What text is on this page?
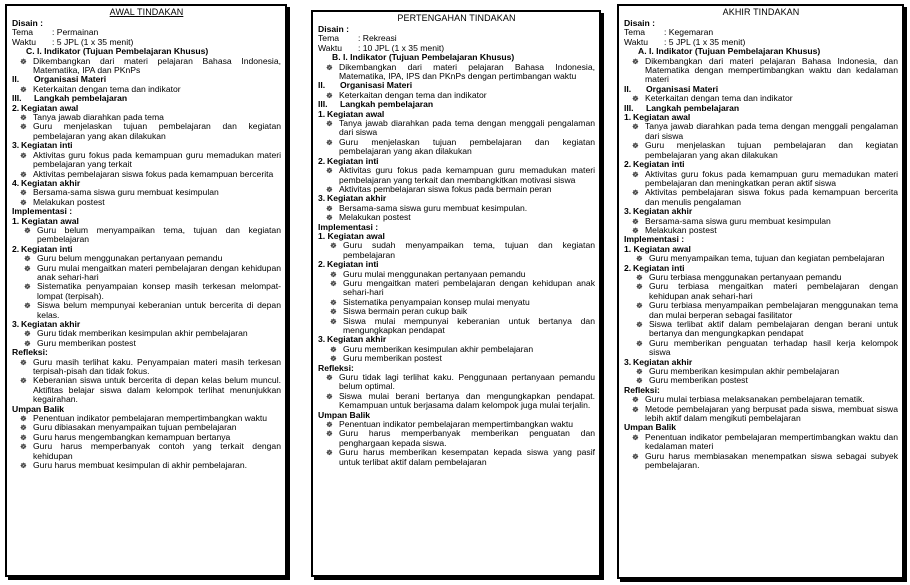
AWAL TINDAKAN
Disain :
Tema	: Permainan
Waktu	: 5 JPL (1 x 35 menit)
C. I. Indikator (Tujuan Pembelajaran Khusus)
☸ Dikembangkan dari materi pelajaran Bahasa Indonesia, Matematika, IPA dan PKnPs
II. Organisasi Materi
☸ Keterkaitan dengan tema dan indikator
III. Langkah pembelajaran
2. Kegiatan awal
☸ Tanya jawab diarahkan pada tema
☸ Guru menjelaskan tujuan pembelajaran dan kegiatan pembelajaran yang akan dilakukan
3. Kegiatan inti
☸ Aktivitas guru fokus pada kemampuan guru memadukan materi pembelajaran yang terkait
☸ Aktivitas pembelajaran siswa fokus pada kemampuan bercerita
4. Kegiatan akhir
☸ Bersama-sama siswa guru membuat kesimpulan
☸ Melakukan postest
Implementasi :
1. Kegiatan awal
☸ Guru belum menyampaikan tema, tujuan dan kegiatan pembelajaran
2. Kegiatan inti
☸ Guru belum menggunakan pertanyaan pemandu
☸ Guru mulai mengaitkan materi pembelajaran dengan kehidupan anak sehari-hari
☸ Sistematika penyampaian konsep masih terkesan melompat-lompat (terpisah).
☸ Siswa belum mempunyai keberanian untuk bercerita di depan kelas.
3. Kegiatan akhir
☸ Guru tidak memberikan kesimpulan akhir pembelajaran
☸ Guru memberikan postest
Refleksi:
☸ Guru masih terlihat kaku. Penyampaian materi masih terkesan terpisah-pisah dan tidak fokus.
☸ Keberanian siswa untuk bercerita di depan kelas belum muncul. Aktifitas belajar siswa dalam kelompok terlihat menunjukkan kegairahan.
Umpan Balik
☸ Penentuan indikator pembelajaran mempertimbangkan waktu
☸ Guru dibiasakan menyampaikan tujuan pembelajaran
☸ Guru harus mengembangkan kemampuan bertanya
☸ Guru harus memperbanyak contoh yang terkait dengan kehidupan
☸ Guru harus membuat kesimpulan di akhir pembelajaran.
PERTENGAHAN TINDAKAN
Disain :
Tema	: Rekreasi
Waktu	: 10 JPL (1 x 35 menit)
B. I. Indikator (Tujuan Pembelajaran Khusus)
☸ Dikembangkan dari materi pelajaran Bahasa Indonesia, Matematika, IPA, IPS dan PKnPs dengan pertimbangan waktu
II. Organisasi Materi
☸ Keterkaitan dengan tema dan indikator
III. Langkah pembelajaran
1. Kegiatan awal
☸ Tanya jawab diarahkan pada tema dengan menggali pengalaman dari siswa
☸ Guru menjelaskan tujuan pembelajaran dan kegiatan pembelajaran yang akan dilakukan
2. Kegiatan inti
☸ Aktivitas guru fokus pada kemampuan guru memadukan materi pembelajaran yang terkait dan membangkitkan motivasi siswa
☸ Aktivitas pembelajaran siswa fokus pada bermain peran
3. Kegiatan akhir
☸ Bersama-sama siswa guru membuat kesimpulan.
☸ Melakukan postest
Implementasi :
1. Kegiatan awal
☸ Guru sudah menyampaikan tema, tujuan dan kegiatan pembelajaran
2. Kegiatan inti
☸ Guru mulai menggunakan pertanyaan pemandu
☸ Guru mengaitkan materi pembelajaran dengan kehidupan anak sehari-hari
☸ Sistematika penyampaian konsep mulai menyatu
☸ Siswa bermain peran cukup baik
☸ Siswa mulai mempunyai keberanian untuk bertanya dan mengungkapkan pendapat
3. Kegiatan akhir
☸ Guru memberikan kesimpulan akhir pembelajaran
☸ Guru memberikan postest
Refleksi:
☸ Guru tidak lagi terlihat kaku. Penggunaan pertanyaan pemandu belum optimal.
☸ Siswa mulai berani bertanya dan mengungkapkan pendapat. Kemampuan untuk berjasama dalam kelompok juga mulai terjalin.
Umpan Balik
☸ Penentuan indikator pembelajaran mempertimbangkan waktu
☸ Guru harus memperbanyak memberikan penguatan dan penghargaan kepada siswa.
☸ Guru harus memberikan kesempatan kepada siswa yang pasif untuk terlibat aktif dalam pembelajaran
AKHIR TINDAKAN
Disain :
Tema	: Kegemaran
Waktu	: 5 JPL (1 x 35 menit)
A. I. Indikator (Tujuan Pembelajaran Khusus)
☸ Dikembangkan dari materi pelajaran Bahasa Indonesia, dan Matematika dengan mempertimbangkan waktu dan kedalaman materi
II. Organisasi Materi
☸ Keterkaitan dengan tema dan indikator
III. Langkah pembelajaran
1. Kegiatan awal
☸ Tanya jawab diarahkan pada tema dengan menggali pengalaman dari siswa
☸ Guru menjelaskan tujuan pembelajaran dan kegiatan pembelajaran yang akan dilakukan
2. Kegiatan inti
☸ Aktivitas guru fokus pada kemampuan guru memadukan materi pembelajaran dan meningkatkan peran aktif siswa
☸ Aktivitas pembelajaran siswa fokus pada kemampuan bercerita dan menulis pengalaman
3. Kegiatan akhir
☸ Bersama-sama siswa guru membuat kesimpulan
☸ Melakukan postest
Implementasi :
1. Kegiatan awal
☸ Guru menyampaikan tema, tujuan dan kegiatan pembelajaran
2. Kegiatan inti
☸ Guru terbiasa menggunakan pertanyaan pemandu
☸ Guru terbiasa mengaitkan materi pembelajaran dengan kehidupan anak sehari-hari
☸ Guru terbiasa menyampaikan pembelajaran menggunakan tema dan mulai berperan sebagai fasilitator
☸ Siswa terlibat aktif dalam pembelajaran dengan berani untuk bertanya dan mengungkapkan pendapat
☸ Guru memberikan penguatan terhadap hasil kerja kelompok siswa
3. Kegiatan akhir
☸ Guru memberikan kesimpulan akhir pembelajaran
☸ Guru memberikan postest
Refleksi:
☸ Guru mulai terbiasa melaksanakan pembelajaran tematik.
☸ Metode pembelajaran yang berpusat pada siswa, membuat siswa lebih aktif dalam mengikuti pembelajaran
Umpan Balik
☸ Penentuan indikator pembelajaran mempertimbangkan waktu dan kedalaman materi
☸ Guru harus membiasakan menempatkan siswa sebagai subyek pembelajaran.
